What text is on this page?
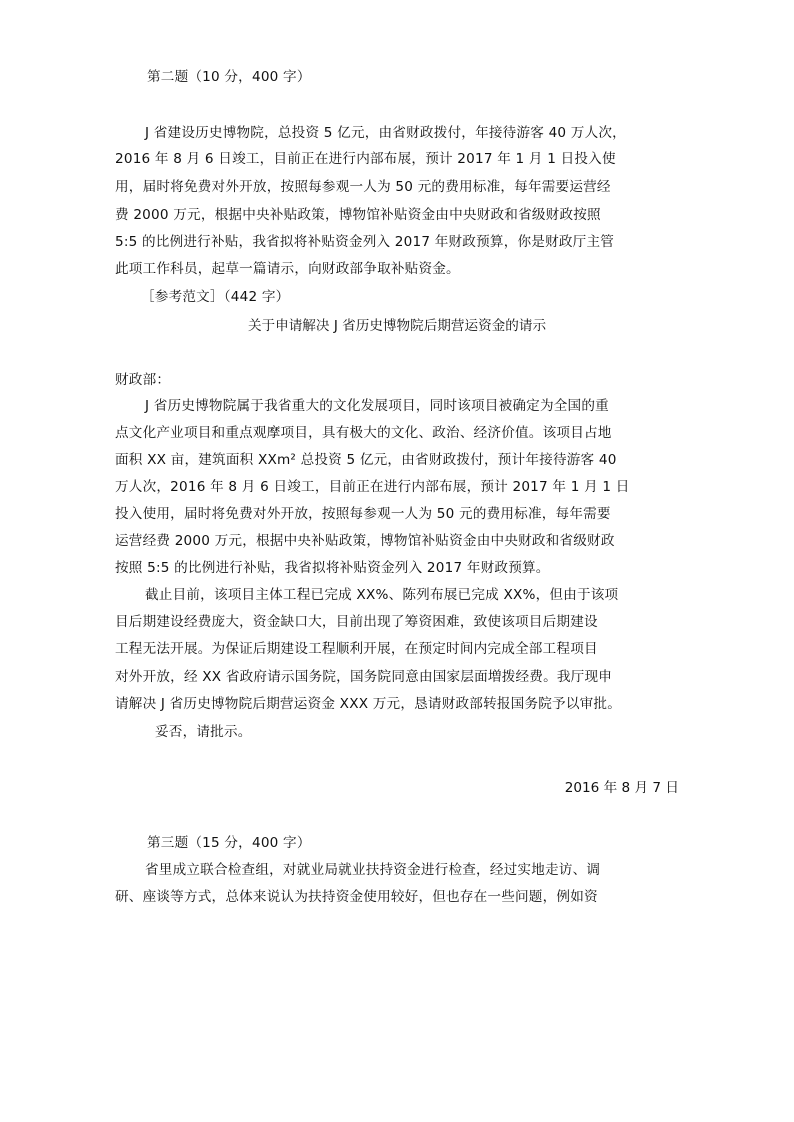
第二题（10 分，400 字）
J 省建设历史博物院，总投资 5 亿元，由省财政拨付，年接待游客 40 万人次，
2016 年 8 月 6 日竣工，目前正在进行内部布展，预计 2017 年 1 月 1 日投入使
用，届时将免费对外开放，按照每参观一人为 50 元的费用标准，每年需要运营经
费 2000 万元，根据中央补贴政策，博物馆补贴资金由中央财政和省级财政按照
5:5 的比例进行补贴，我省拟将补贴资金列入 2017 年财政预算，你是财政厅主管
此项工作科员，起草一篇请示，向财政部争取补贴资金。
［参考范文］（442 字）
关于申请解决 J 省历史博物院后期营运资金的请示
财政部：
J 省历史博物院属于我省重大的文化发展项目，同时该项目被确定为全国的重
点文化产业项目和重点观摩项目，具有极大的文化、政治、经济价值。该项目占地
面积 XX 亩，建筑面积 XXm² 总投资 5 亿元，由省财政拨付，预计年接待游客 40
万人次，2016 年 8 月 6 日竣工，目前正在进行内部布展，预计 2017 年 1 月 1 日
投入使用，届时将免费对外开放，按照每参观一人为 50 元的费用标准，每年需要
运营经费 2000 万元，根据中央补贴政策，博物馆补贴资金由中央财政和省级财政
按照 5:5 的比例进行补贴，我省拟将补贴资金列入 2017 年财政预算。
截止目前，该项目主体工程已完成 XX%、陈列布展已完成 XX%，但由于该项
目后期建设经费庞大，资金缺口大，目前出现了筹资困难，致使该项目后期建设
工程无法开展。为保证后期建设工程顺利开展，在预定时间内完成全部工程项目
对外开放，经 XX 省政府请示国务院，国务院同意由国家层面増拨经费。我厅现申
请解决 J 省历史博物院后期营运资金 XXX 万元，恳请财政部转报国务院予以审批。
妥否，请批示。
2016 年 8 月 7 日
第三题（15 分，400 字）
省里成立联合检查组，对就业局就业扶持资金进行检查，经过实地走访、调
研、座谈等方式，总体来说认为扶持资金使用较好，但也存在一些问题，例如资
